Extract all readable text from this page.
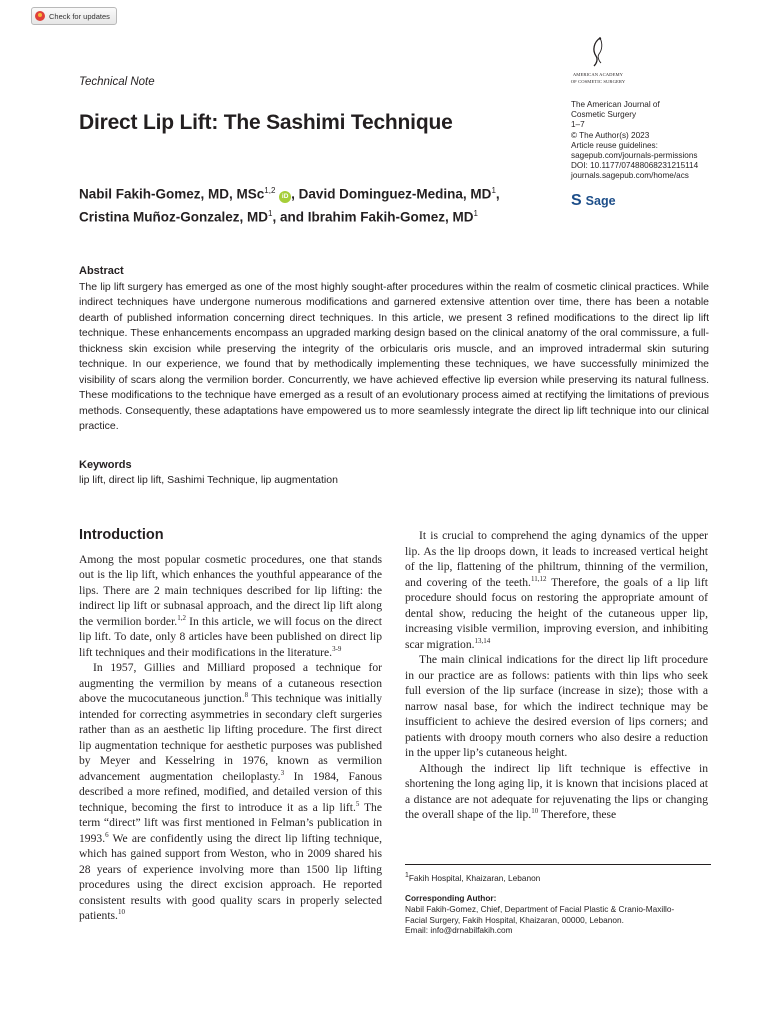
Check for updates
Technical Note
Direct Lip Lift: The Sashimi Technique
Nabil Fakih-Gomez, MD, MSc$^{1,2}$ iD , David Dominguez-Medina, $MD^1$,
Cristina Muñoz-Gonzalez, $MD^1$, and Ibrahim Fakih-Gomez, $MD^1$
AMERICAN ACADEMY
OF COSMETIC SURGERY
The American Journal of
Cosmetic Surgery
1–7
© The Author(s) 2023
Article reuse guidelines:
sagepub.com/journals-permissions
DOI: 10.1177/07488068231215114
journals.sagepub.com/home/acs
S Sage
Abstract

The lip lift surgery has emerged as one of the most highly sought-after procedures within the realm of cosmetic clinical practices. While indirect techniques have undergone numerous modifications and garnered extensive attention over time, there has been a notable dearth of published information concerning direct techniques. In this article, we present 3 refined modifications to the direct lip lift technique. These enhancements encompass an upgraded marking design based on the clinical anatomy of the oral commissure, a full-thickness skin excision while preserving the integrity of the orbicularis oris muscle, and an improved intradermal skin suturing technique. In our experience, we found that by methodically implementing these techniques, we have successfully minimized the visibility of scars along the vermilion border. Concurrently, we have achieved effective lip eversion while preserving its natural fullness. These modifications to the technique have emerged as a result of an evolutionary process aimed at rectifying the limitations of previous methods. Consequently, these adaptations have empowered us to more seamlessly integrate the direct lip lift technique into our clinical practice.

Keywords

lip lift, direct lip lift, Sashimi Technique, lip augmentation

Introduction

Among the most popular cosmetic procedures, one that stands out is the lip lift, which enhances the youthful appearance of the lips. There are 2 main techniques described for lip lifting: the indirect lip lift or subnasal approach, and the direct lip lift along the vermilion border.$^{1,2}$ In this article, we will focus on the direct lip lift. To date, only 8 articles have been published on direct lip lift techniques and their modifications in the literature.$^{3-9}$

In 1957, Gillies and Milliard proposed a technique for augmenting the vermilion by means of a cutaneous resection above the mucocutaneous junction.$^8$ This technique was initially intended for correcting asymmetries in secondary cleft surgeries rather than as an aesthetic lip lifting procedure. The first direct lip augmentation technique for aesthetic purposes was published by Meyer and Kesselring in 1976, known as vermilion advancement augmentation cheiloplasty.$^3$ In 1984, Fanous described a more refined, modified, and detailed version of this technique, becoming the first to introduce it as a lip lift.$^5$ The term “direct” lift was first mentioned in Felman’s publication in 1993.$^6$ We are confidently using the direct lip lifting technique, which has gained support from Weston, who in 2009 shared his 28 years of experience involving more than 1500 lip lifting procedures using the direct excision approach. He reported consistent results with good quality scars in properly selected patients.$^{10}$

It is crucial to comprehend the aging dynamics of the upper lip. As the lip droops down, it leads to increased vertical height of the lip, flattening of the philtrum, thinning of the vermilion, and covering of the teeth.$^{11,12}$ Therefore, the goals of a lip lift procedure should focus on restoring the appropriate amount of dental show, reducing the height of the cutaneous upper lip, increasing visible vermilion, improving eversion, and inhibiting scar migration.$^{13,14}$

The main clinical indications for the direct lip lift procedure in our practice are as follows: patients with thin lips who seek full eversion of the lip surface (increase in size); those with a narrow nasal base, for which the indirect technique may be insufficient to achieve the desired eversion of lips corners; and patients with droopy mouth corners who also desire a reduction in the upper lip’s cutaneous height.

Although the indirect lip lift technique is effective in shortening the long aging lip, it is known that incisions placed at a distance are not adequate for rejuvenating the lips or changing the overall shape of the lip.$^{10}$ Therefore, these

$^1$Fakih Hospital, Khaizaran, Lebanon

Corresponding Author:

Nabil Fakih-Gomez, Chief, Department of Facial Plastic & Cranio-Maxillo-

Facial Surgery, Fakih Hospital, Khaizaran, 00000, Lebanon.

Email: info@drnabilfakih.com
